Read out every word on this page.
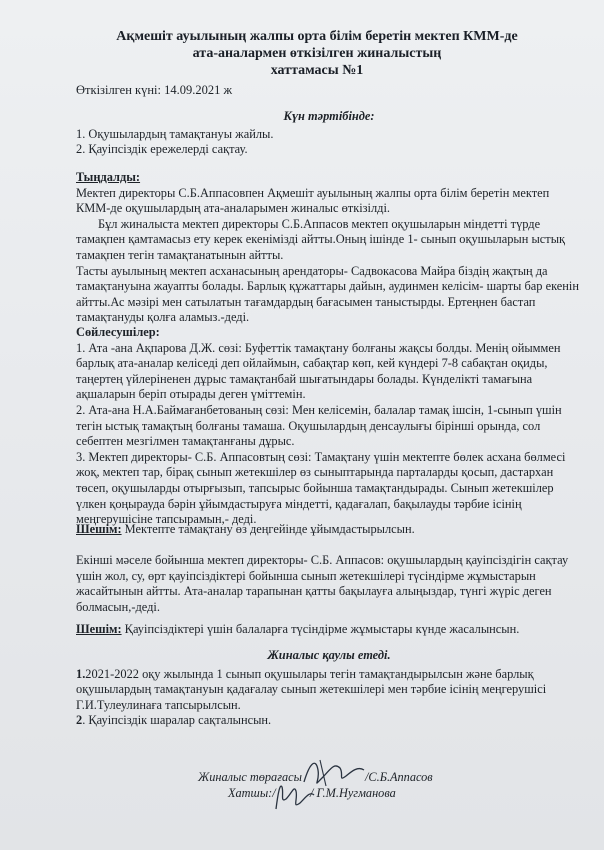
Ақмешіт ауылының жалпы орта білім беретін мектеп КММ-де
ата-аналармен өткізілген жиналыстың
хаттамасы №1
Өткізілген күні: 14.09.2021 ж

Күн тәртібінде:

1. Оқушылардың тамақтануы жайлы.

2. Қауіпсіздік ережелерді сақтау.

Тыңдалды:

Мектеп директоры С.Б.Аппасовпен Ақмешіт ауылының жалпы орта білім беретін мектеп КММ-де оқушылардың ата-аналарымен жиналыс өткізілді.

Бұл жиналыста мектеп директоры С.Б.Аппасов мектеп оқушыларын міндетті түрде тамақпен қамтамасыз ету керек екенімізді айтты.Оның ішінде 1- сынып оқушыларын ыстық тамақпен тегін тамақтанатынын айтты.

Тасты ауылының мектеп асханасының арендаторы- Садвокасова Майра біздің жақтың да тамақтануына жауапты болады. Барлық құжаттары дайын, аудинмен келісім- шарты бар екенін айтты.Ас мәзірі мен сатылатын тағамдардың бағасымен таныстырды. Ертеңнен бастап тамақтануды қолға аламыз.-деді.

Сөйлесушілер:

1. Ата -ана Ақпарова Д.Ж. сөзі: Буфеттік тамақтану болғаны жақсы болды. Менің ойыммен барлық ата-аналар келіседі деп ойлаймын, сабақтар көп, кей күндері 7-8 сабақтан оқиды, таңертең үйлеріненен дұрыс тамақтанбай шығатындары болады. Күнделікті тамағына ақшаларын беріп отырады деген үміттемін.

2. Ата-ана Н.А.Баймағанбетованың сөзі: Мен келісемін, балалар тамақ ішсін, 1-сынып үшін тегін ыстық тамақтың болғаны тамаша. Оқушылардың денсаулығы бірінші орында, сол себептен мезгілмен тамақтанғаны дұрыс.

3. Мектеп директоры- С.Б. Аппасовтың сөзі: Тамақтану үшін мектепте бөлек асхана бөлмесі жоқ, мектеп тар, бірақ сынып жетекшілер өз сыныптарында парталарды қосып, дастархан төсеп, оқушыларды отырғызып, тапсырыс бойынша тамақтандырады. Сынып жетекшілер үлкен қоңырауда бәрін ұйымдастыруға міндетті, қадағалап, бақылауды тәрбие ісінің меңгерушісіне тапсырамын,- деді.

Шешім: Мектепте тамақтану өз деңгейінде ұйымдастырылсын.

Екінші мәселе бойынша мектеп директоры- С.Б. Аппасов: оқушылардың қауіпсіздігін сақтау үшін жол, су, өрт қауіпсіздіктері бойынша сынып жетекшілері түсіндірме жұмыстарын жасайтынын айтты. Ата-аналар тарапынан қатты бақылауға алыңыздар, түнгі жүріс деген болмасын,-деді.

Шешім: Қауіпсіздіктері үшін балаларға түсіндірме жұмыстары күнде жасалынсын.

Жиналыс қаулы етеді.

1.2021-2022 оқу жылында 1 сынып оқушылары тегін тамақтандырылсын және барлық оқушылардың тамақтануын қадағалау сынып жетекшілері мен тәрбие ісінің меңгерушісі Г.И.Тулеулинаға тапсырылсын.

2. Қауіпсіздік шаралар сақталынсын.

Жиналыс төрағасы	/С.Б.Аппасов
Хатшы:/	/ Г.М.Нугманова
